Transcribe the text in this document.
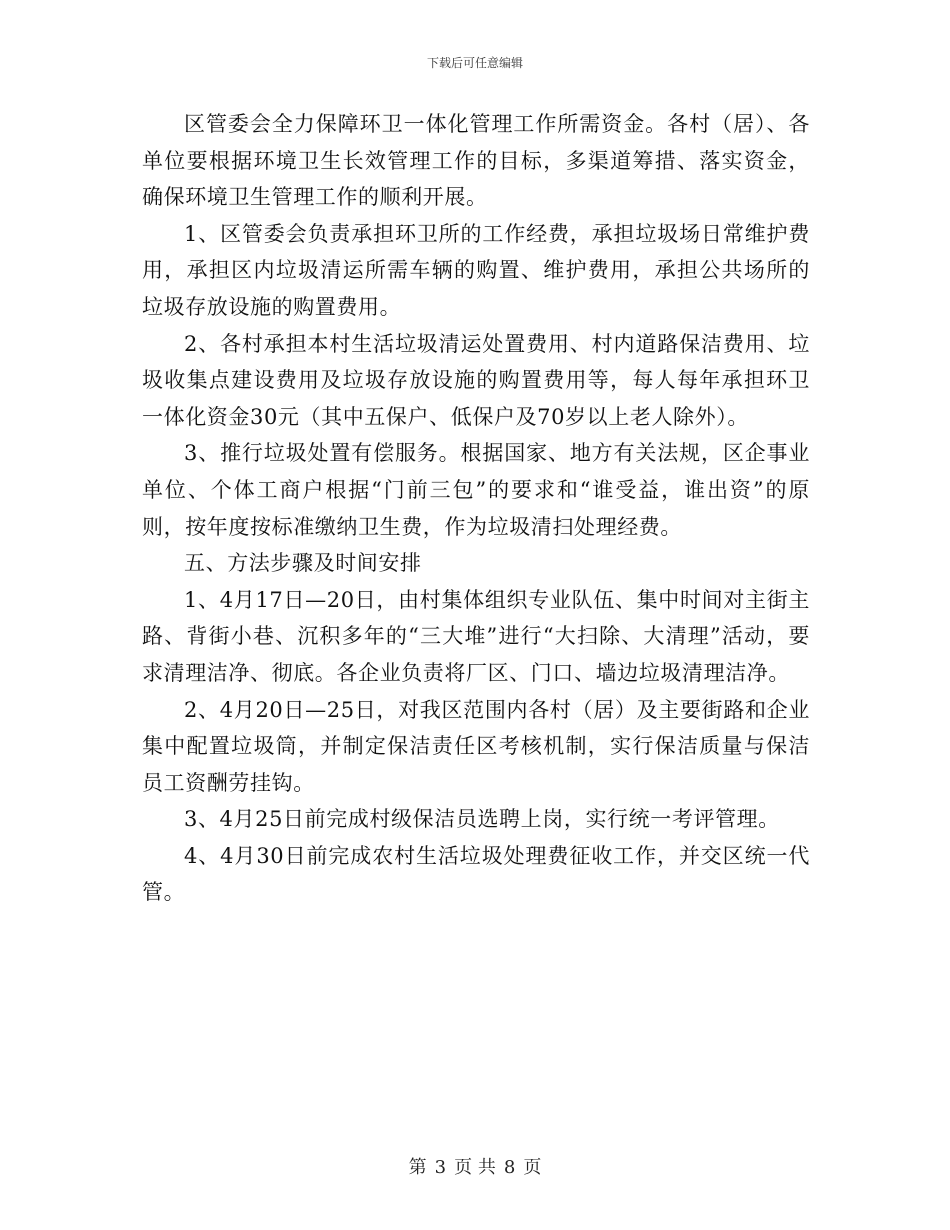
下载后可任意编辑

区管委会全力保障环卫一体化管理工作所需资金。各村（居）、各单位要根据环境卫生长效管理工作的目标，多渠道筹措、落实资金，确保环境卫生管理工作的顺利开展。

1、区管委会负责承担环卫所的工作经费，承担垃圾场日常维护费用，承担区内垃圾清运所需车辆的购置、维护费用，承担公共场所的垃圾存放设施的购置费用。

2、各村承担本村生活垃圾清运处置费用、村内道路保洁费用、垃圾收集点建设费用及垃圾存放设施的购置费用等，每人每年承担环卫一体化资金30元（其中五保户、低保户及70岁以上老人除外）。

3、推行垃圾处置有偿服务。根据国家、地方有关法规，区企事业单位、个体工商户根据“门前三包”的要求和“谁受益，谁出资”的原则，按年度按标准缴纳卫生费，作为垃圾清扫处理经费。

五、方法步骤及时间安排

1、4月17日—20日，由村集体组织专业队伍、集中时间对主街主路、背街小巷、沉积多年的“三大堆”进行“大扫除、大清理”活动，要求清理洁净、彻底。各企业负责将厂区、门口、墙边垃圾清理洁净。

2、4月20日—25日，对我区范围内各村（居）及主要街路和企业集中配置垃圾筒，并制定保洁责任区考核机制，实行保洁质量与保洁员工资酬劳挂钩。

3、4月25日前完成村级保洁员选聘上岗，实行统一考评管理。

4、4月30日前完成农村生活垃圾处理费征收工作，并交区统一代管。

第 3 页 共 8 页
